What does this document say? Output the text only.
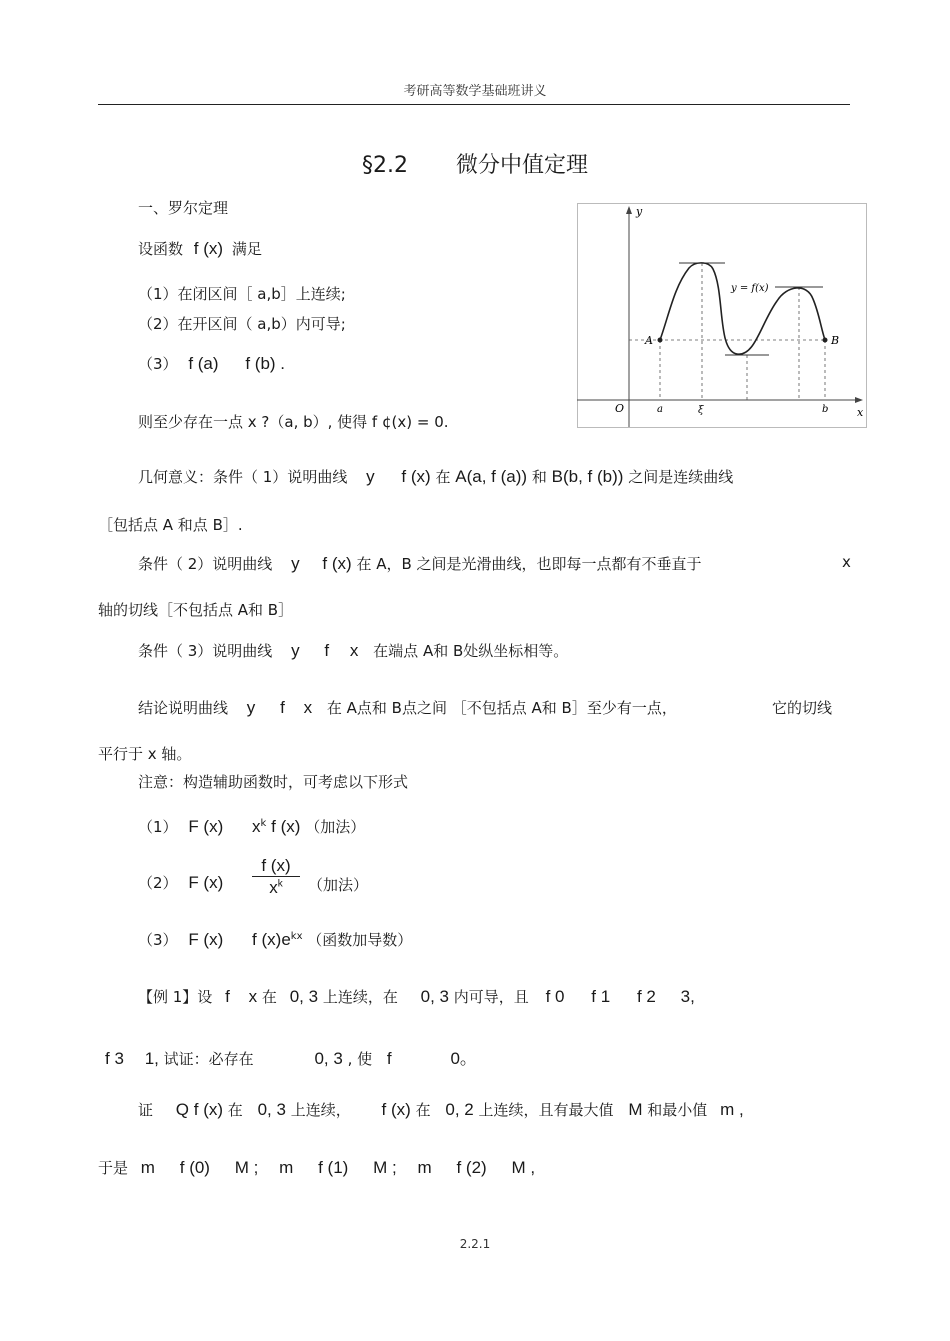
考研高等数学基础班讲义
§2.2 微分中值定理
一、罗尔定理
设函数 f (x) 满足
（1）在闭区间［ a,b］上连续;
（2）在开区间（ a,b）内可导;
（3） f (a) f (b) .
则至少存在一点 x ?（a, b）, 使得 f ¢(x) = 0.
y
x
O
A	B
y = f(x)
a	ξ	b
几何意义：条件（ 1）说明曲线 y f (x) 在 A(a, f (a)) 和 B(b, f (b)) 之间是连续曲线
［包括点 A 和点 B］.
条件（ 2）说明曲线 y f (x) 在 A，B 之间是光滑曲线，也即每一点都有不垂直于	x
轴的切线［不包括点 A和 B］
条件（ 3）说明曲线 y f x 在端点 A和 B处纵坐标相等。
结论说明曲线 y f x 在 A点和 B点之间 ［不包括点 A和 B］至少有一点，	它的切线
平行于 x 轴。
注意：构造辅助函数时，可考虑以下形式
（1） F (x) $x^k$ f (x) （加法）
（2） F (x)
f (x)
$x^k$	（加法）
（3） F (x) f $(x)e^{kx}$ （函数加导数）
【例 1】设 f x 在 0, 3 上连续，在 0, 3 内可导，且 f 0 f 1 f 2 3,
f 3 1, 试证：必存在	0, 3 , 使 f	0。
证 Q f (x) 在 0, 3 上连续， f (x) 在 0, 2 上连续，且有最大值 M 和最小值 m ,
于是 m f (0) M ; m f (1) M ; m f (2) M ,
2.2.1
